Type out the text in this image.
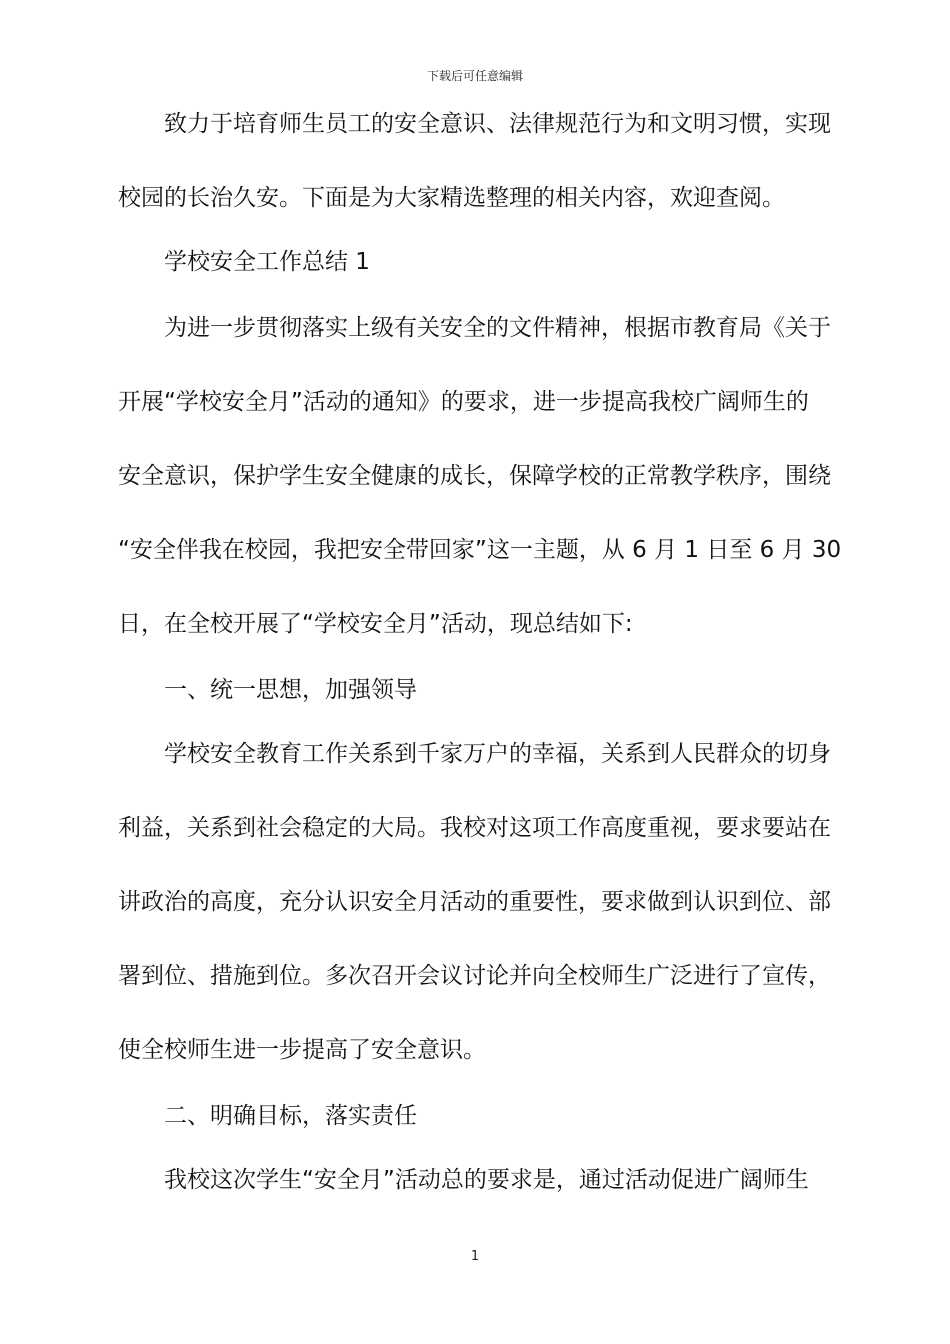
下载后可任意编辑
致力于培育师生员工的安全意识、法律规范行为和文明习惯，实现
校园的长治久安。下面是为大家精选整理的相关内容，欢迎查阅。
学校安全工作总结 1
为进一步贯彻落实上级有关安全的文件精神，根据市教育局《关于
开展“学校安全月”活动的通知》的要求，进一步提高我校广阔师生的
安全意识，保护学生安全健康的成长，保障学校的正常教学秩序，围绕
“安全伴我在校园，我把安全带回家”这一主题，从 6 月 1 日至 6 月 30
日，在全校开展了“学校安全月”活动，现总结如下:
一、统一思想，加强领导
学校安全教育工作关系到千家万户的幸福，关系到人民群众的切身
利益，关系到社会稳定的大局。我校对这项工作高度重视，要求要站在
讲政治的高度，充分认识安全月活动的重要性，要求做到认识到位、部
署到位、措施到位。多次召开会议讨论并向全校师生广泛进行了宣传，
使全校师生进一步提高了安全意识。
二、明确目标，落实责任
我校这次学生“安全月”活动总的要求是，通过活动促进广阔师生
1
